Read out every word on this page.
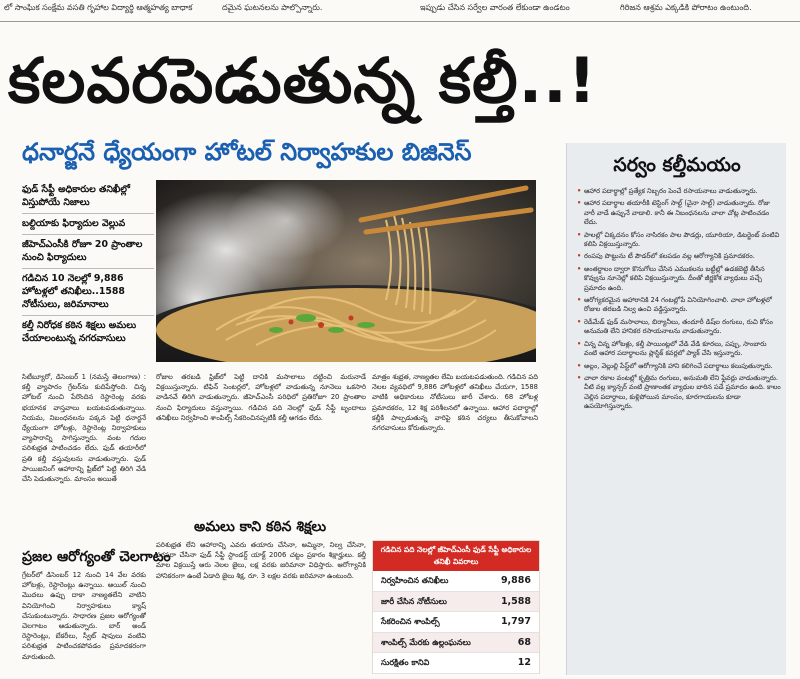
లో సాంఘిక సంక్షేమ వసతి గృహాల విద్యార్థి ఆత్మహత్య బాధాక	దమైన ఘటనలను పాల్పొన్నారు.	ఇప్పుడు చేసిన సర్వేల వారంత లేకుండా ఉండటం	గిరిజన ఆశ్రమ ఎక్కడికి పోరాటం ఉంటుంది.
కలవరపెడుతున్న కల్తీ..!
ధనార్జనే ధ్యేయంగా హోటల్ నిర్వాహకుల బిజినెస్
ఫుడ్ సేఫ్టీ అధికారుల తనిఖీల్లో విస్తుపోయే నిజాలు
బల్దియాకు ఫిర్యాదుల వెల్లువ
జీహెచ్ఎంసీకి రోజూ 20 ప్రాంతాల నుంచి ఫిర్యాదులు
గడిచిన 10 నెలల్లో 9,886 హోటళ్లలో తనిఖీలు..1588 నోటీసులు, జరిమానాలు
కల్తీ నిరోధక కఠిన శిక్షలు అమలు చేయాలంటున్న నగరవాసులు
సిటీబ్యూరో, డిసెంబర్ 1 (నమస్తే తెలంగాణ) : కల్తీ వ్యాపారం గ్రేటర్‌ను కుదిపేస్తోంది. చిన్న హోటల్ నుంచి పేరొందిన రెస్టారెంట్ల వరకు భయానక వాస్తవాలు బయటపడుతున్నాయి. నియమ, నిబంధనలను పక్కన పెట్టి ధనార్జనే ధ్యేయంగా హోటళ్లు, రెస్టారెంట్ల నిర్వాహకులు వ్యాపారాన్ని సాగిస్తున్నారు. వంట గదుల పరిశుభ్రత పాటించడం లేదు. ఫుడ్ తయారీలో ప్రతి కల్తీ వస్తువులను వాడుతున్నారు. ఫుడ్ పాయిజనింగ్ ఆహారాన్ని ఫ్రిజ్‌లో పెట్టి తిరిగి వేడి చేసి పెడుతున్నారు. మాంసం అయితే
రోజుల తరబడి ఫ్రిజ్‌లో పెట్టి దానికి మసాలాలు దట్టించి మరునాడే విక్రయిస్తున్నారు. టిఫిన్ సెంటర్లలో, హోటళ్లలో వాడుతున్న నూనెలు ఒకసారి వాడినవే తిరిగి వాడుతున్నారు. జీహెచ్ఎంసీ పరిధిలో ప్రతిరోజూ 20 ప్రాంతాల నుంచి ఫిర్యాదులు వస్తున్నాయి. గడిచిన పది నెలల్లో ఫుడ్ సేఫ్టీ బృందాలు తనిఖీలు నిర్వహించి శాంపిల్స్ సేకరించినప్పటికీ కల్తీ ఆగడం లేదు.
మాత్రం శుభ్రత, నాణ్యతల లేమి బయటపడుతుంది. గడిచిన పది నెలల వ్యవధిలో 9,886 హోటళ్లలో తనిఖీలు చేయగా, 1588 వాటికి అధికారులు నోటీసులు జారీ చేశారు. 68 హోటళ్ల ప్రమాదకరం, 12 శిక్ష పరిశీలనలో ఉన్నాయి. ఆహార పదార్థాల్లో కల్తీకి పాల్పడుతున్న వారిపై కఠిన చర్యలు తీసుకోవాలని నగరవాసులు కోరుతున్నారు.
ప్రజల ఆరోగ్యంతో చెలగాటం
గ్రేటర్‌లో డిసెంబర్ 12 నుంచి 14 వేల వరకు హోటళ్లు, రెస్టారెంట్లు ఉన్నాయి. ఆయిల్ నుంచి మొదలు ఉప్పు దాకా నాణ్యతలేని వాటిని వినియోగించి నిర్వాహకులు క్యాష్ చేసుకుంటున్నారు. సాధారణ ప్రజల ఆరోగ్యంతో చెలగాటం ఆడుతున్నారు. బార్ అండ్ రెస్టారెంట్లు, బేకరీలు, స్వీట్ షాపులు వంటివి పరిశుభ్రత పాటించకపోవడం ప్రమాదకరంగా మారుతుంది.
అమలు కాని కఠిన శిక్షలు
పరిశుభ్రత లేని ఆహారాన్ని ఎవరు తయారు చేసినా, అమ్మినా, నిల్వ చేసినా, సరఫరా చేసినా ఫుడ్ సేఫ్టీ స్టాండర్డ్ యాక్ట్ 2006 చట్టం ప్రకారం శిక్షార్హులు. కల్తీ మాల విక్రయిస్తే ఆరు నెలల జైలు, లక్ష వరకు జరిమానా విధిస్తారు. ఆరోగ్యానికి హానికరంగా ఉంటే ఏడాది జైలు శిక్ష, రూ. 3 లక్షల వరకు జరిమానా ఉంటుంది.
గడిచిన పది నెలల్లో జీహెచ్ఎంసీ ఫుడ్ సేఫ్టీ అధికారుల తనిఖీ వివరాలు
నిర్వహించిన తనిఖీలు	9,886
జారీ చేసిన నోటీసులు	1,588
సేకరించిన శాంపిల్స్	1,797
శాంపిల్స్ మేరకు ఉల్లంఘనలు	68
సురక్షితం కానివి	12
సర్వం కల్తీమయం
• ఆహార పదార్థాల్లో ప్రత్యేక నిబ్బరం పెంచే రసాయనాలు వాడుతున్నారు.
• ఆహార పదార్థాల తయారీకి టెస్టింగ్ సాల్ట్ (చైనా సాల్ట్) వాడుతున్నారు. రోజు వారీ వాడే ఉప్పునే వాడాలి. కానీ ఈ నిబంధనలను చాలా చోట్ల పాటించడం లేదు.
• పాలల్లో చిక్కదనం కోసం నాసిరకం పాల పౌడర్లు, యూరియా, డిటర్జెంట్ వంటివి కలిపి విక్రయిస్తున్నారు.
• రంపపు పొట్టును టీ పౌడర్‌లో కలపడం వల్ల ఆరోగ్యానికి ప్రమాదకరం.
• అంతర్జాలం ద్వారా కొనుగోలు చేసిన ఎముకలను బట్టీల్లో ఉడకబెట్టి తీసిన కొవ్వును నూనెల్లో కలిపి విక్రయిస్తున్నారు. దీంతో జీర్ణకోశ వ్యాధులు వచ్చే ప్రమాదం ఉంది.
• ఆరోగ్యకరమైన ఆహారానికి 24 గంటల్లోపే వినియోగించాలి. చాలా హోటళ్లలో రోజుల తరబడి నిల్వ ఉంచి వడ్డిస్తున్నారు.
• రెడీమేడ్ ఫుడ్ మసాలాలు, బిర్యానీలు, తందూరీ డిష్‌ల రంగులు, రుచి కోసం అనుమతి లేని హానికర రసాయనాలను వాడుతున్నారు.
• చిన్న చిన్న హోటళ్లు, కల్తీ పాయింట్లలో వేడి వేడి కూరలు, పప్పు, సాంబారు వంటి ఆహార పదార్థాలను ప్లాస్టిక్ కవర్లలో ప్యాక్ చేసి ఇస్తున్నారు.
• అల్లం, వెల్లుల్లి పేస్ట్‌లో ఆరోగ్యానికి హాని కలిగించే పదార్థాలు కలుపుతున్నారు.
• చాలా రకాల వంటల్లో కృత్రిమ రంగులు, అనుమతి లేని ఫ్లేవర్లు వాడుతున్నారు. వీటి వల్ల క్యాన్సర్ వంటి ప్రాణాంతక వ్యాధుల బారిన పడే ప్రమాదం ఉంది. కాలం చెల్లిన పదార్థాలు, కుళ్లిపోయిన మాంసం, కూరగాయలను కూడా ఉపయోగిస్తున్నారు.
